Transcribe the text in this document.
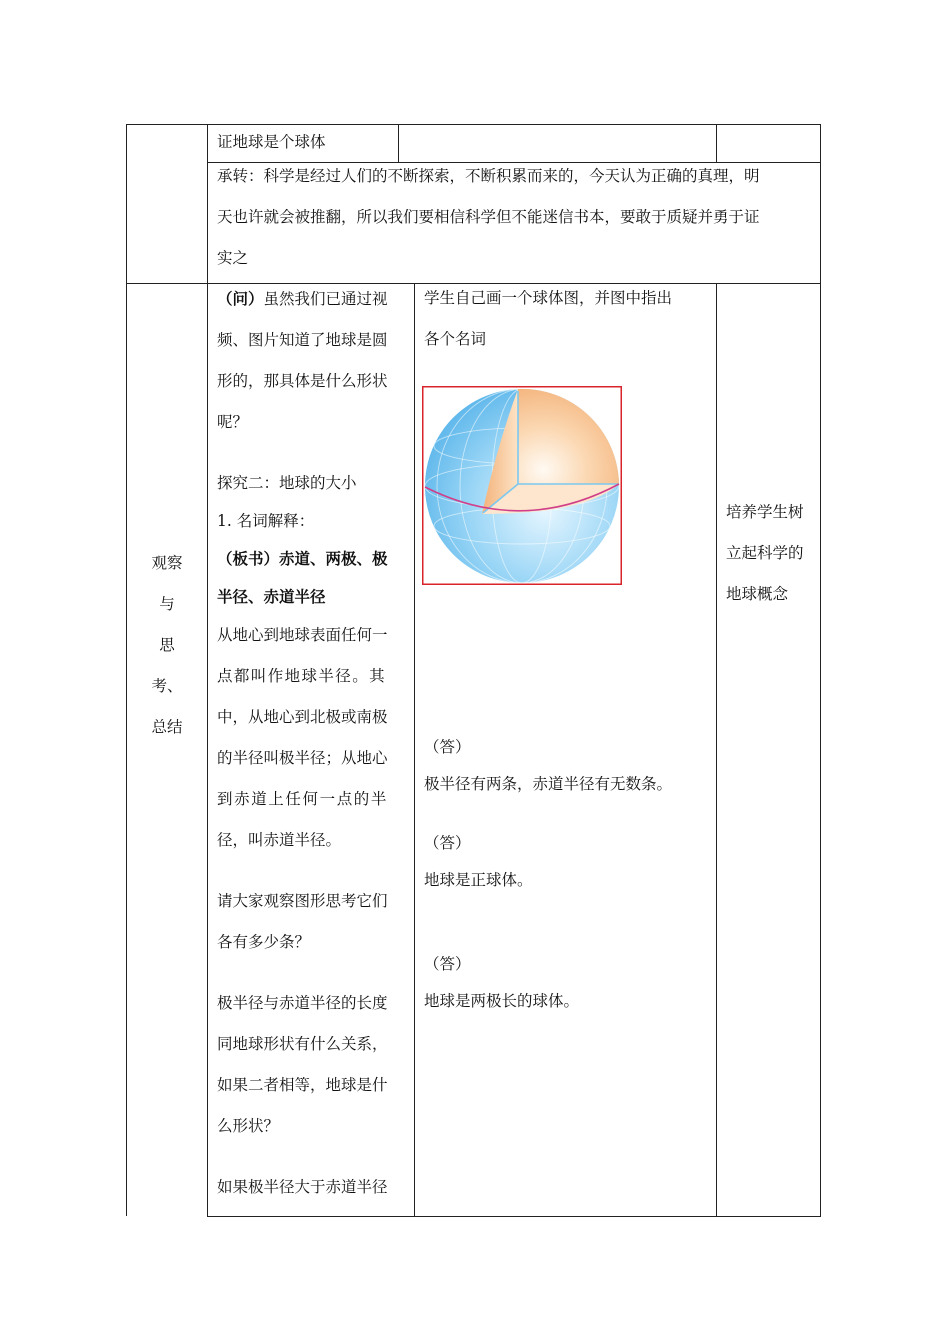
证地球是个球体
承转：科学是经过人们的不断探索，不断积累而来的，今天认为正确的真理，明
天也许就会被推翻，所以我们要相信科学但不能迷信书本，要敢于质疑并勇于证
实之
观察与
思考、
总结
（问）虽然我们已通过视
频、图片知道了地球是圆
形的，那具体是什么形状
呢？
探究二：地球的大小
1. 名词解释：
（板书）赤道、两极、极
半径、赤道半径
从地心到地球表面任何一
点都叫作地球半径。其
中，从地心到北极或南极
的半径叫极半径；从地心
到赤道上任何一点的半
径，叫赤道半径。
请大家观察图形思考它们
各有多少条？
极半径与赤道半径的长度
同地球形状有什么关系，
如果二者相等，地球是什
么形状？
如果极半径大于赤道半径
学生自己画一个球体图，并图中指出
各个名词
（答）
极半径有两条，赤道半径有无数条。
（答）
地球是正球体。
（答）
地球是两极长的球体。
培养学生树
立起科学的
地球概念
